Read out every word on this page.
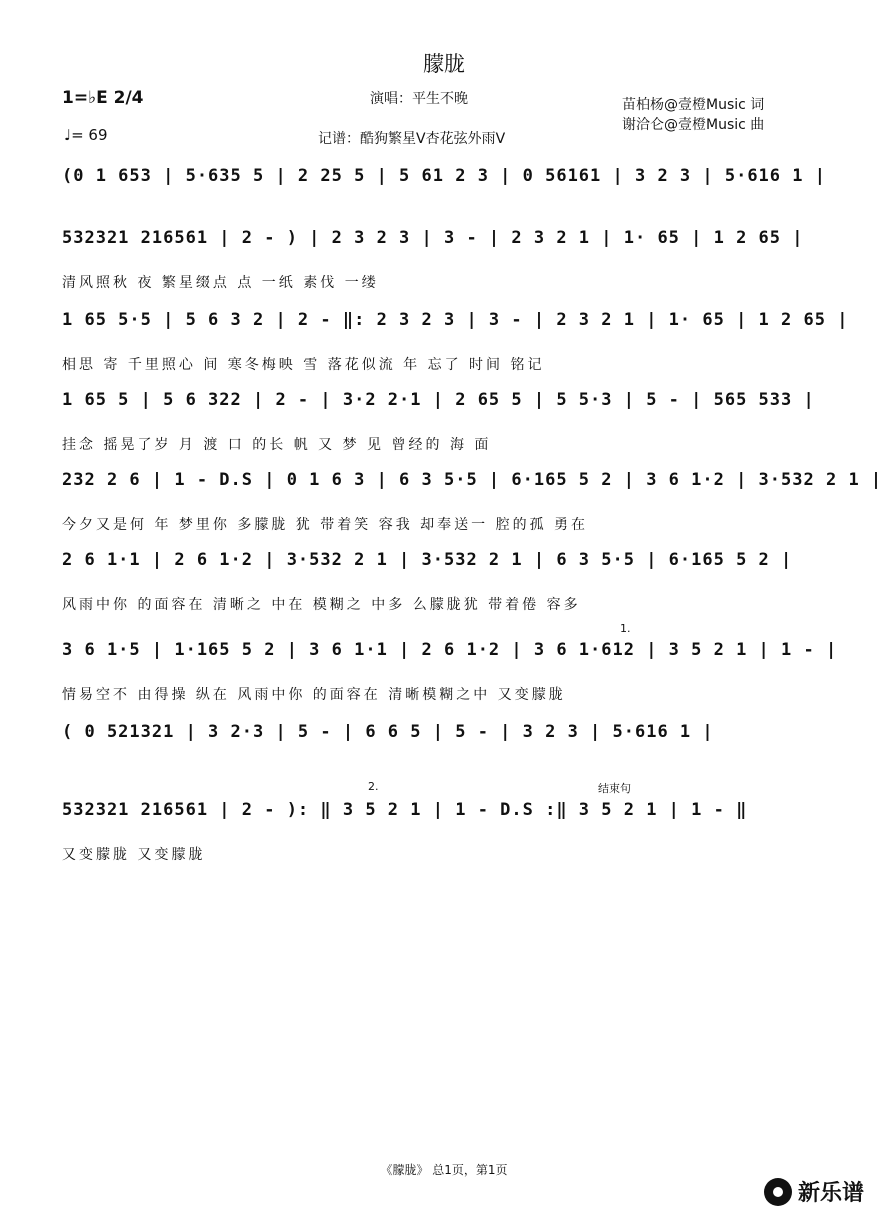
朦胧
演唱：平生不晚
记谱：酷狗繁星V杏花弦外雨V
苗柏杨@壹橙Music 词
谢洽仑@壹橙Music 曲
1=♭E 2/4
♩= 69
(0 1 653 | 5·635 5 | 2 25 5 | 5 61 2 3 | 0 56161 | 3 2 3 | 5·616 1 |
532321 216561 | 2 - ) | 2 3 2 3 | 3 - | 2 3 2 1 | 1· 65 | 1 2 65 |
清风照秋 夜 繁星缀点 点 一纸 素伐 一缕
1 65 5·5 | 5 6 3 2 | 2 - ‖: 2 3 2 3 | 3 - | 2 3 2 1 | 1· 65 | 1 2 65 |
相思 寄 千里照心 间 寒冬梅映 雪 落花似流 年 忘了 时间 铭记
1 65 5 | 5 6 322 | 2 - | 3·2 2·1 | 2 65 5 | 5 5·3 | 5 - | 565 533 |
挂念 摇晃了岁 月 渡 口 的长 帆 又 梦 见 曾经的 海 面
232 2 6 | 1 - D.S | 0 1 6 3 | 6 3 5·5 | 6·165 5 2 | 3 6 1·2 | 3·532 2 1 |
今夕又是何 年 梦里你 多朦胧 犹 带着笑 容我 却奉送一 腔的孤 勇在
2 6 1·1 | 2 6 1·2 | 3·532 2 1 | 3·532 2 1 | 6 3 5·5 | 6·165 5 2 |
风雨中你 的面容在 清晰之 中在 模糊之 中多 么朦胧犹 带着倦 容多
1.
3 6 1·5 | 1·165 5 2 | 3 6 1·1 | 2 6 1·2 | 3 6 1·612 | 3 5 2 1 | 1 - |
情易空不 由得操 纵在 风雨中你 的面容在 清晰模糊之中 又变朦胧
( 0 521321 | 3 2·3 | 5 - | 6 6 5 | 5 - | 3 2 3 | 5·616 1 |
2.	结束句
532321 216561 | 2 - ): ‖ 3 5 2 1 | 1 - D.S :‖ 3 5 2 1 | 1 - ‖
又变朦胧 又变朦胧
《朦胧》 总1页，第1页
新乐谱
